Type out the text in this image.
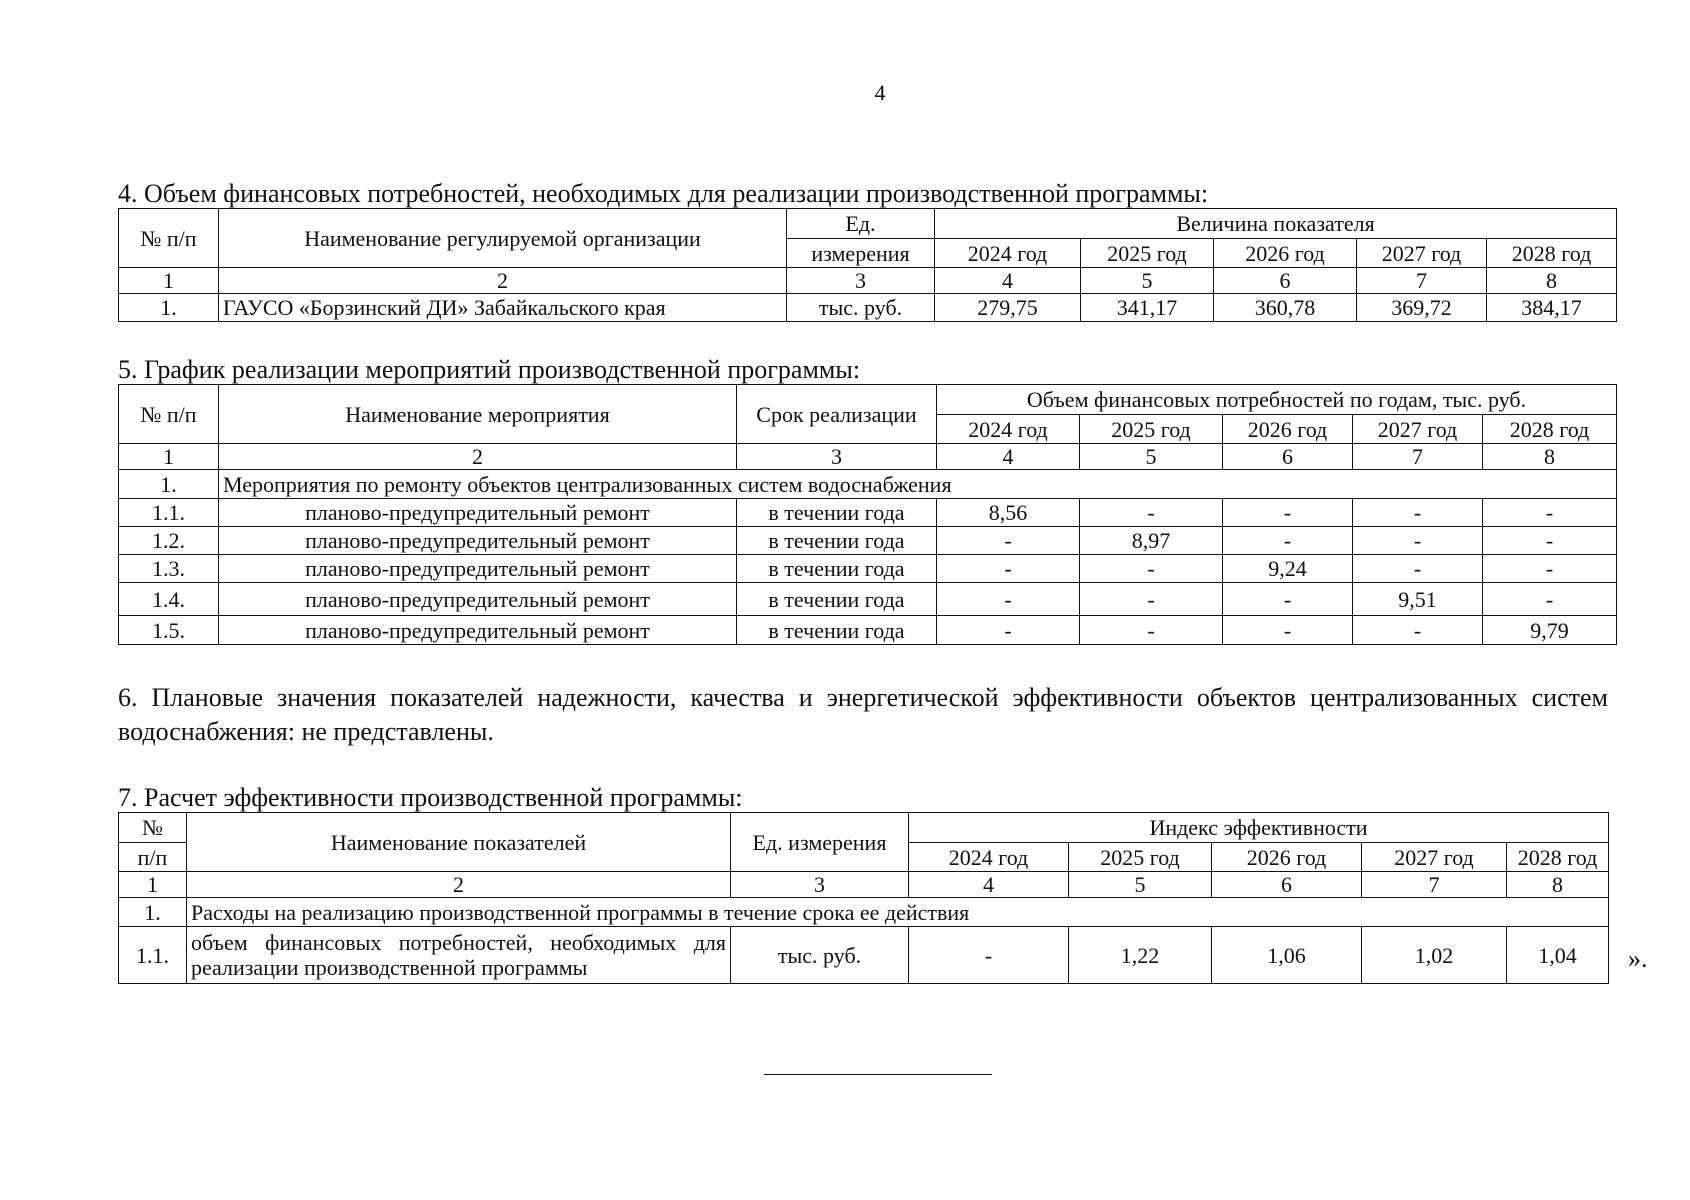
4
4. Объем финансовых потребностей, необходимых для реализации производственной программы:
№ п/п	Наименование регулируемой организации	Ед.	Величина показателя				
		измерения	2024 год	2025 год	2026 год	2027 год	2028 год
1	2	3	4	5	6	7	8
1.	ГАУСО «Борзинский ДИ» Забайкальского края	тыс. руб.	279,75	341,17	360,78	369,72	384,17
5. График реализации мероприятий производственной программы:
№ п/п	Наименование мероприятия	Срок реализации	Объем финансовых потребностей по годам, тыс. руб.				
			2024 год	2025 год	2026 год	2027 год	2028 год
1	2	3	4	5	6	7	8
1.	Мероприятия по ремонту объектов централизованных систем водоснабжения						
1.1.	планово-предупредительный ремонт	в течении года	8,56	-	-	-	-
1.2.	планово-предупредительный ремонт	в течении года	-	8,97	-	-	-
1.3.	планово-предупредительный ремонт	в течении года	-	-	9,24	-	-
1.4.	планово-предупредительный ремонт	в течении года	-	-	-	9,51	-
1.5.	планово-предупредительный ремонт	в течении года	-	-	-	-	9,79
6. Плановые значения показателей надежности, качества и энергетической эффективности объектов централизованных систем водоснабжения: не представлены.
7. Расчет эффективности производственной программы:
№	Наименование показателей	Ед. измерения	Индекс эффективности				
п/п			2024 год	2025 год	2026 год	2027 год	2028 год
1	2	3	4	5	6	7	8
1.	Расходы на реализацию производственной программы в течение срока ее действия						
1.1.	объем финансовых потребностей, необходимых для реализации производственной программы	тыс. руб.	-	1,22	1,06	1,02	1,04 ».
